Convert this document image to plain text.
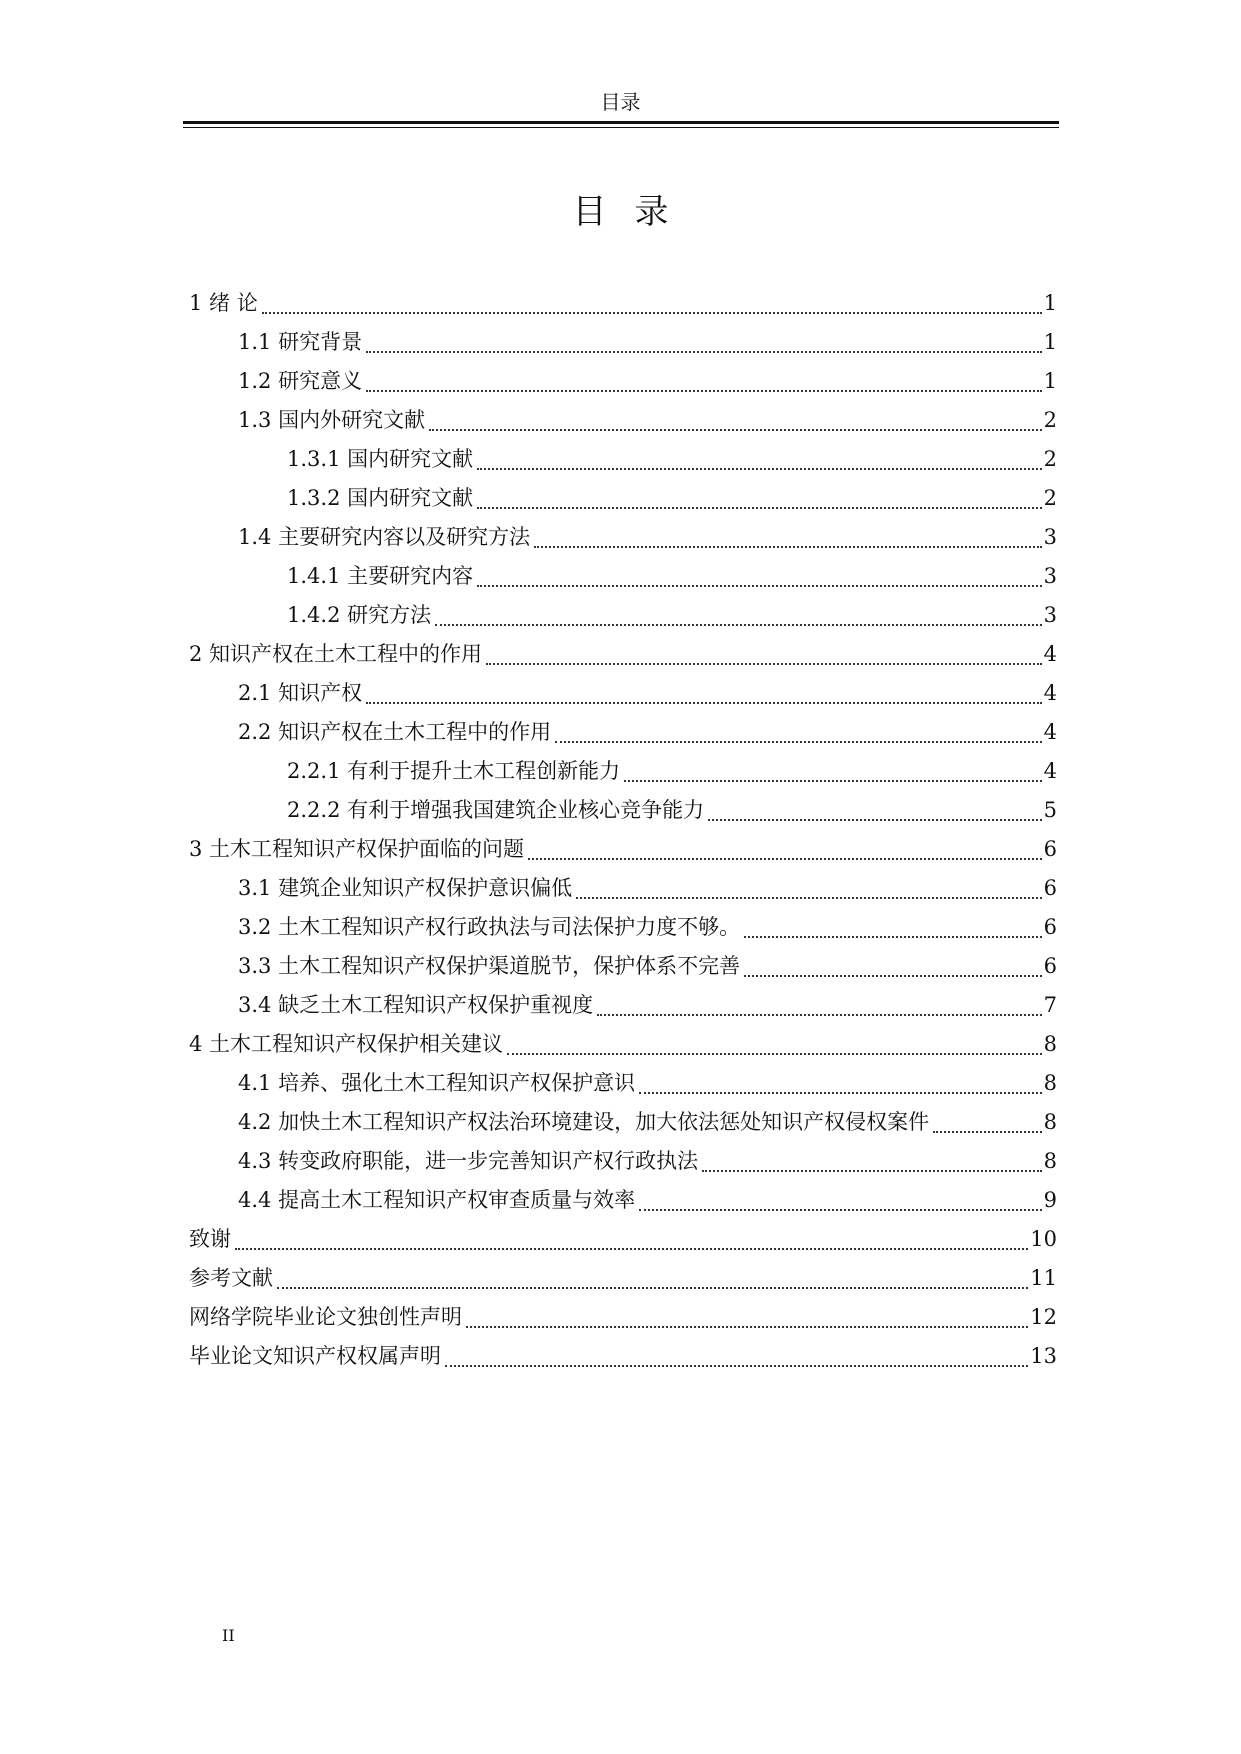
目录
目录
1 绪 论	1
1.1 研究背景	1
1.2 研究意义	1
1.3 国内外研究文献	2
1.3.1 国内研究文献	2
1.3.2 国内研究文献	2
1.4 主要研究内容以及研究方法	3
1.4.1 主要研究内容	3
1.4.2 研究方法	3
2 知识产权在土木工程中的作用	4
2.1 知识产权	4
2.2 知识产权在土木工程中的作用	4
2.2.1 有利于提升土木工程创新能力	4
2.2.2 有利于增强我国建筑企业核心竞争能力	5
3 土木工程知识产权保护面临的问题	6
3.1 建筑企业知识产权保护意识偏低	6
3.2 土木工程知识产权行政执法与司法保护力度不够。	6
3.3 土木工程知识产权保护渠道脱节，保护体系不完善	6
3.4 缺乏土木工程知识产权保护重视度	7
4 土木工程知识产权保护相关建议	8
4.1 培养、强化土木工程知识产权保护意识	8
4.2 加快土木工程知识产权法治环境建设，加大依法惩处知识产权侵权案件	8
4.3 转变政府职能，进一步完善知识产权行政执法	8
4.4 提高土木工程知识产权审查质量与效率	9
致谢	10
参考文献	11
网络学院毕业论文独创性声明	12
毕业论文知识产权权属声明	13
II
